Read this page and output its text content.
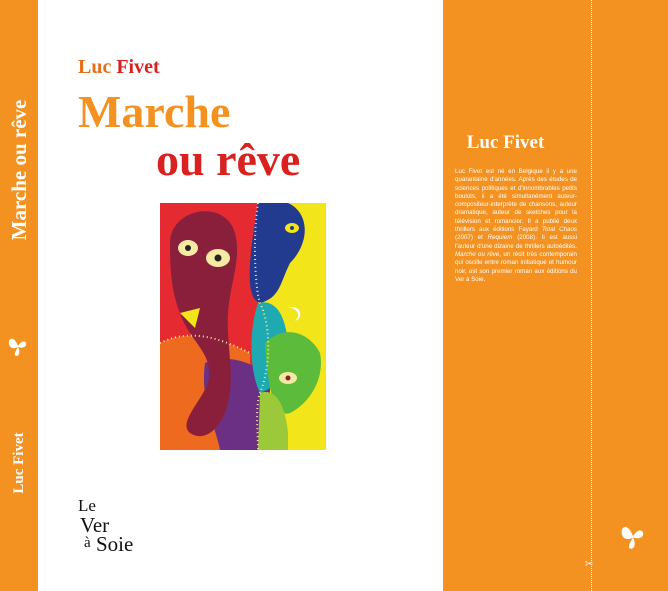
Marche ou rêve
Luc Fivet
Luc Fivet
Marche
ou rêve
Le
Ver
à Soie
Luc Fivet
Luc Fivet est né en Belgique il y a une quarantaine d'années. Après des études de sciences politiques et d'innombrables petits boulots, il a été simultanément auteur-compositeur-interprète de chansons, auteur dramatique, auteur de sketches pour la télévision et romancier. Il a publié deux thrillers aux éditions Fayard Total Chaos (2007) et Requiem (2008). Il est aussi l'auteur d'une dizaine de thrillers autoédités. Marche ou rêve, un récit très contemporain qui oscille entre roman initiatique et humour noir, est son premier roman aux éditions du Ver à Soie.
✂
